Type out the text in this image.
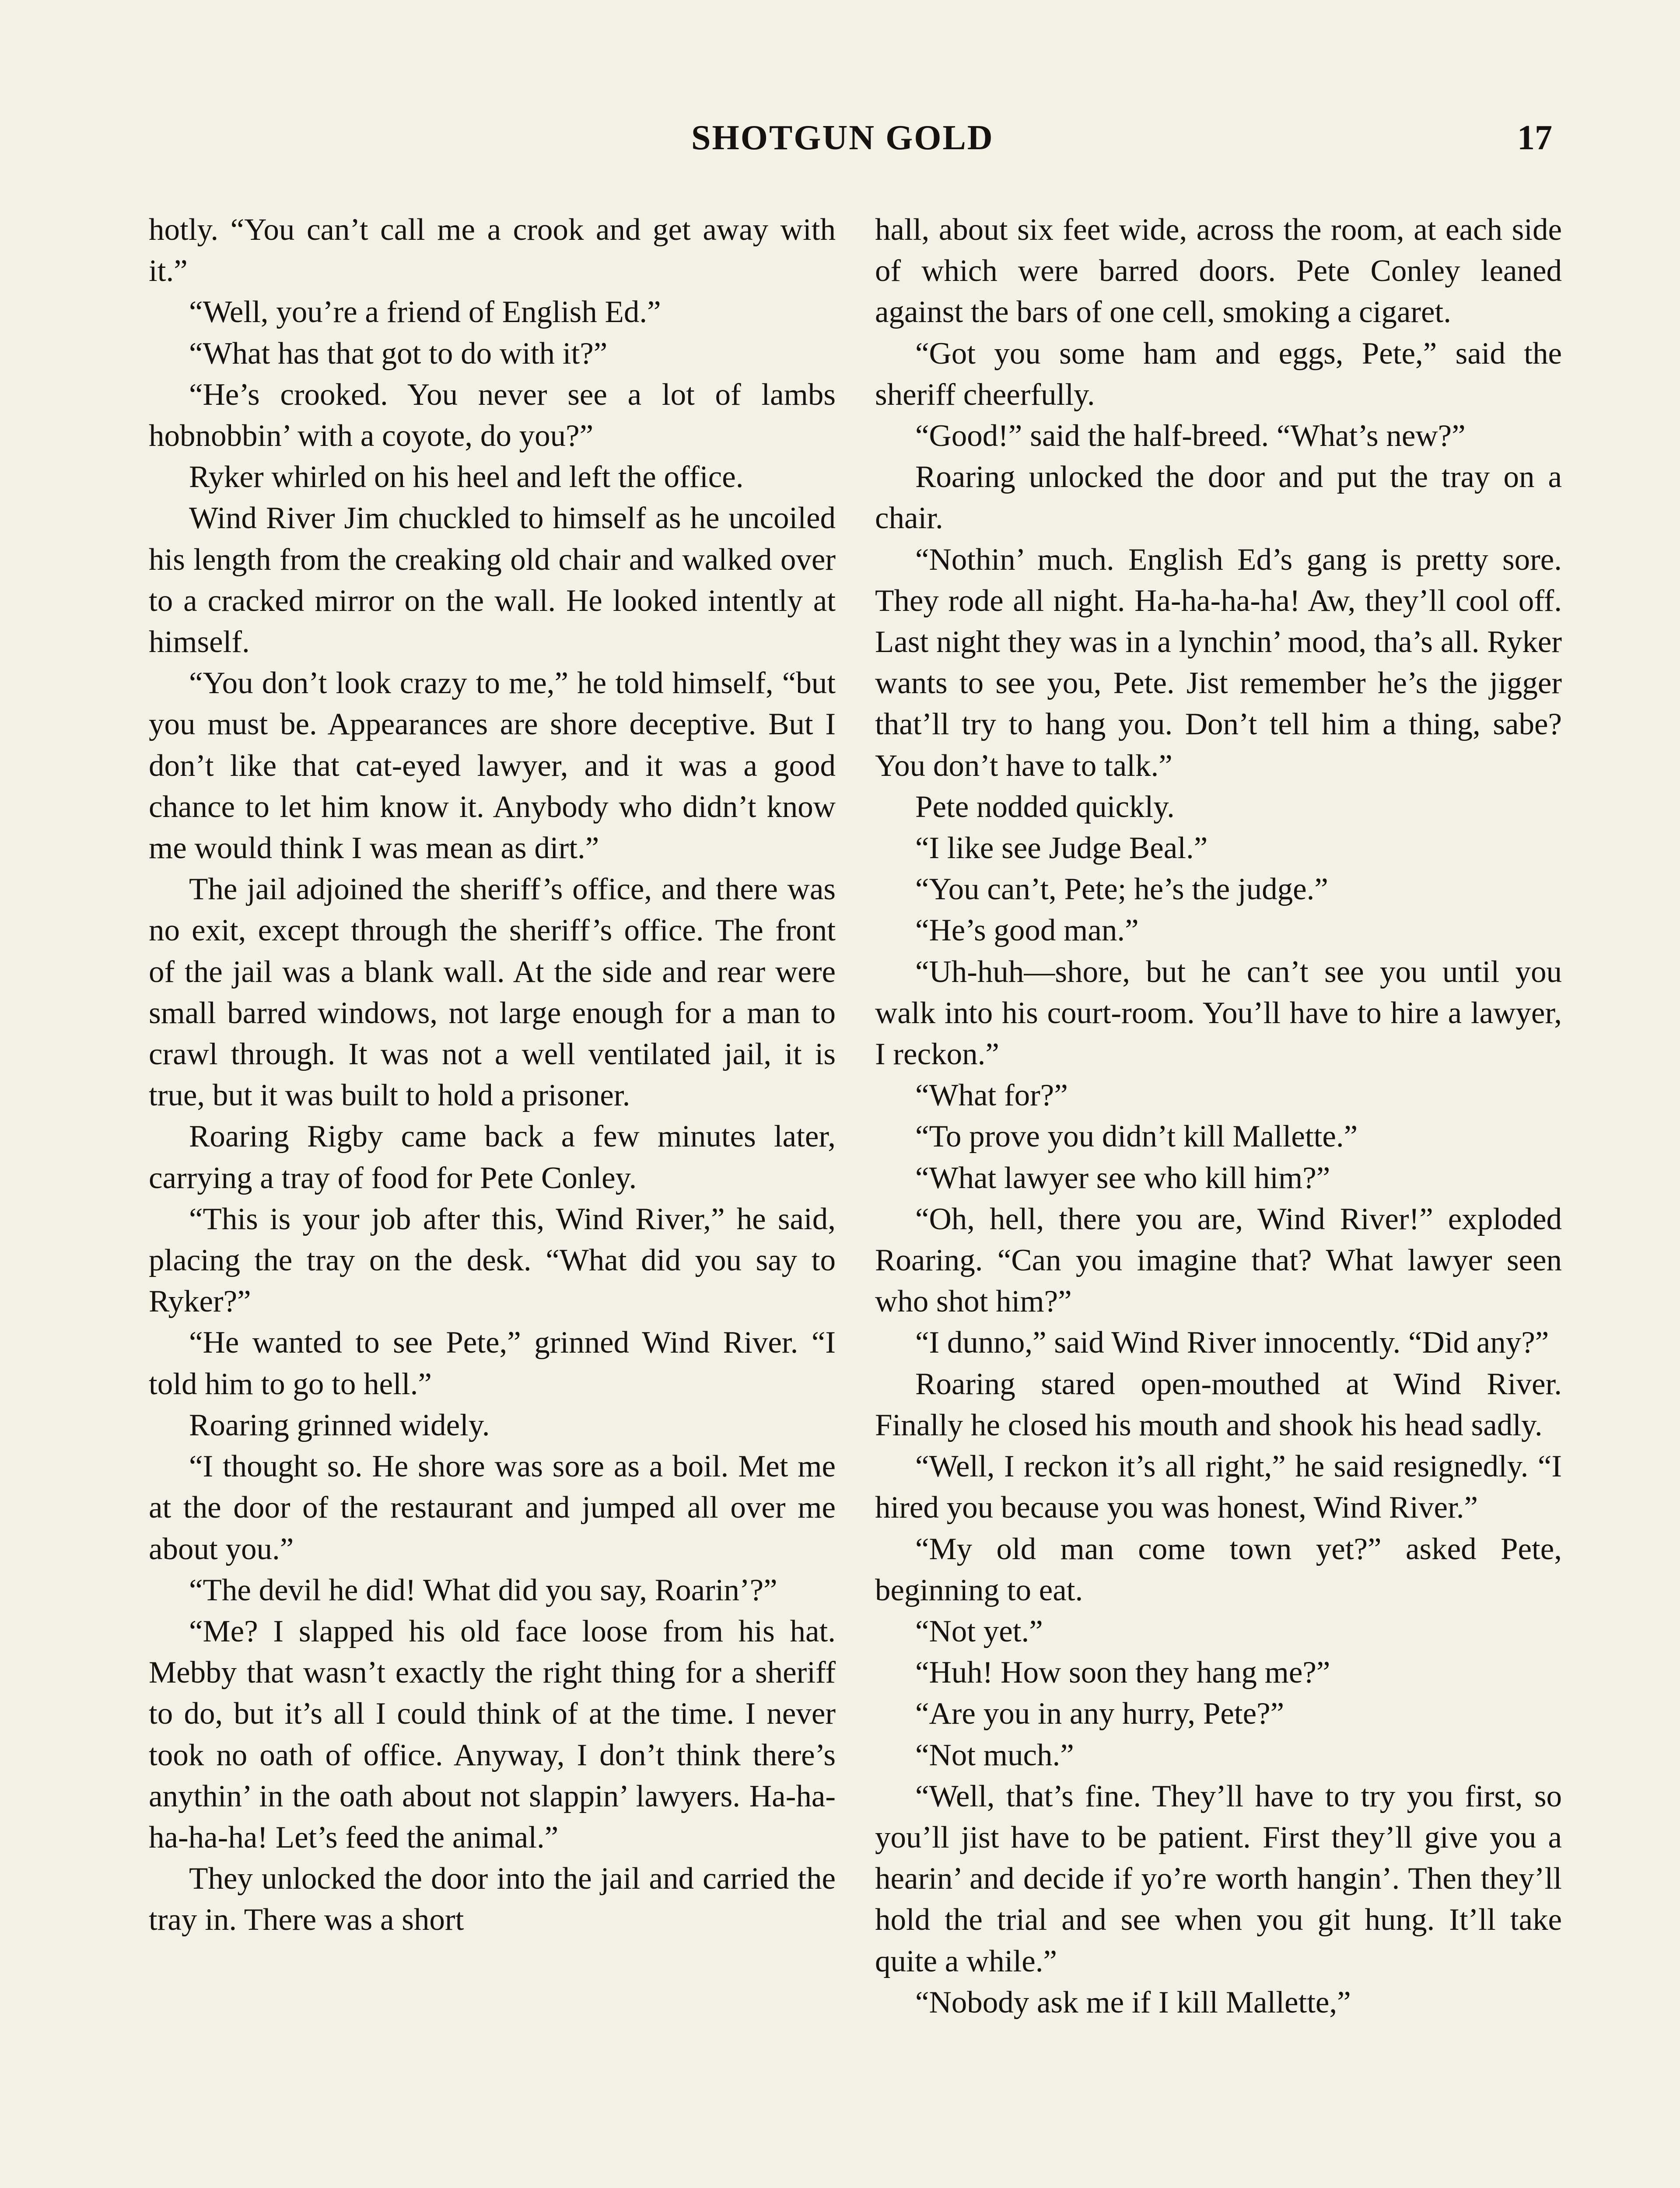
SHOTGUN GOLD	17

hotly. “You can’t call me a crook and get away with it.”

“Well, you’re a friend of English Ed.”

“What has that got to do with it?”

“He’s crooked. You never see a lot of lambs hobnobbin’ with a coyote, do you?”

Ryker whirled on his heel and left the office.

Wind River Jim chuckled to himself as he uncoiled his length from the creaking old chair and walked over to a cracked mirror on the wall. He looked intently at himself.

“You don’t look crazy to me,” he told himself, “but you must be. Appearances are shore deceptive. But I don’t like that cat-eyed lawyer, and it was a good chance to let him know it. Anybody who didn’t know me would think I was mean as dirt.”

The jail adjoined the sheriff’s office, and there was no exit, except through the sheriff’s office. The front of the jail was a blank wall. At the side and rear were small barred windows, not large enough for a man to crawl through. It was not a well ventilated jail, it is true, but it was built to hold a prisoner.

Roaring Rigby came back a few minutes later, carrying a tray of food for Pete Conley.

“This is your job after this, Wind River,” he said, placing the tray on the desk. “What did you say to Ryker?”

“He wanted to see Pete,” grinned Wind River. “I told him to go to hell.”

Roaring grinned widely.

“I thought so. He shore was sore as a boil. Met me at the door of the restaurant and jumped all over me about you.”

“The devil he did! What did you say, Roarin’?”

“Me? I slapped his old face loose from his hat. Mebby that wasn’t exactly the right thing for a sheriff to do, but it’s all I could think of at the time. I never took no oath of office. Anyway, I don’t think there’s anythin’ in the oath about not slappin’ lawyers. Ha-ha-ha-ha-ha! Let’s feed the animal.”

They unlocked the door into the jail and carried the tray in. There was a short

hall, about six feet wide, across the room, at each side of which were barred doors. Pete Conley leaned against the bars of one cell, smoking a cigaret.

“Got you some ham and eggs, Pete,” said the sheriff cheerfully.

“Good!” said the half-breed. “What’s new?”

Roaring unlocked the door and put the tray on a chair.

“Nothin’ much. English Ed’s gang is pretty sore. They rode all night. Ha-ha-ha-ha! Aw, they’ll cool off. Last night they was in a lynchin’ mood, tha’s all. Ryker wants to see you, Pete. Jist remember he’s the jigger that’ll try to hang you. Don’t tell him a thing, sabe? You don’t have to talk.”

Pete nodded quickly.

“I like see Judge Beal.”

“You can’t, Pete; he’s the judge.”

“He’s good man.”

“Uh-huh—shore, but he can’t see you until you walk into his court-room. You’ll have to hire a lawyer, I reckon.”

“What for?”

“To prove you didn’t kill Mallette.”

“What lawyer see who kill him?”

“Oh, hell, there you are, Wind River!” exploded Roaring. “Can you imagine that? What lawyer seen who shot him?”

“I dunno,” said Wind River innocently. “Did any?”

Roaring stared open-mouthed at Wind River. Finally he closed his mouth and shook his head sadly.

“Well, I reckon it’s all right,” he said resignedly. “I hired you because you was honest, Wind River.”

“My old man come town yet?” asked Pete, beginning to eat.

“Not yet.”

“Huh! How soon they hang me?”

“Are you in any hurry, Pete?”

“Not much.”

“Well, that’s fine. They’ll have to try you first, so you’ll jist have to be patient. First they’ll give you a hearin’ and decide if yo’re worth hangin’. Then they’ll hold the trial and see when you git hung. It’ll take quite a while.”

“Nobody ask me if I kill Mallette,”
